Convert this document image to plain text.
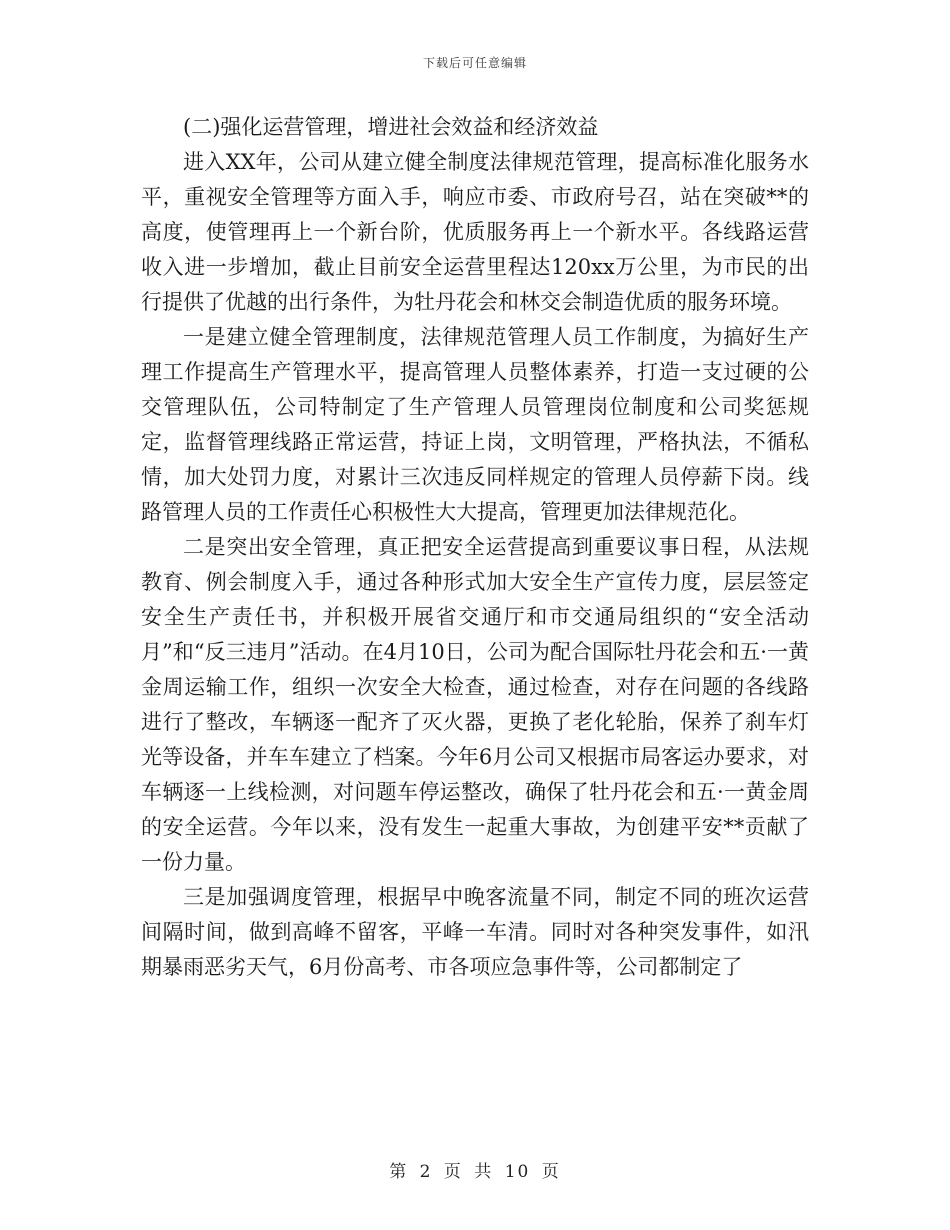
下载后可任意编辑
(二)强化运营管理，增进社会效益和经济效益

进入XX年，公司从建立健全制度法律规范管理，提高标准化服务水平，重视安全管理等方面入手，响应市委、市政府号召，站在突破**的高度，使管理再上一个新台阶，优质服务再上一个新水平。各线路运营收入进一步增加，截止目前安全运营里程达120xx万公里，为市民的出行提供了优越的出行条件，为牡丹花会和林交会制造优质的服务环境。

一是建立健全管理制度，法律规范管理人员工作制度，为搞好生产理工作提高生产管理水平，提高管理人员整体素养，打造一支过硬的公交管理队伍，公司特制定了生产管理人员管理岗位制度和公司奖惩规定，监督管理线路正常运营，持证上岗，文明管理，严格执法，不循私情，加大处罚力度，对累计三次违反同样规定的管理人员停薪下岗。线路管理人员的工作责任心积极性大大提高，管理更加法律规范化。

二是突出安全管理，真正把安全运营提高到重要议事日程，从法规教育、例会制度入手，通过各种形式加大安全生产宣传力度，层层签定安全生产责任书，并积极开展省交通厅和市交通局组织的“安全活动月”和“反三违月”活动。在4月10日，公司为配合国际牡丹花会和五·一黄金周运输工作，组织一次安全大检查，通过检查，对存在问题的各线路进行了整改，车辆逐一配齐了灭火器，更换了老化轮胎，保养了刹车灯光等设备，并车车建立了档案。今年6月公司又根据市局客运办要求，对车辆逐一上线检测，对问题车停运整改，确保了牡丹花会和五·一黄金周的安全运营。今年以来，没有发生一起重大事故，为创建平安**贡献了一份力量。

三是加强调度管理，根据早中晚客流量不同，制定不同的班次运营间隔时间，做到高峰不留客，平峰一车清。同时对各种突发事件，如汛期暴雨恶劣天气，6月份高考、市各项应急事件等，公司都制定了

第 2 页 共 10 页
